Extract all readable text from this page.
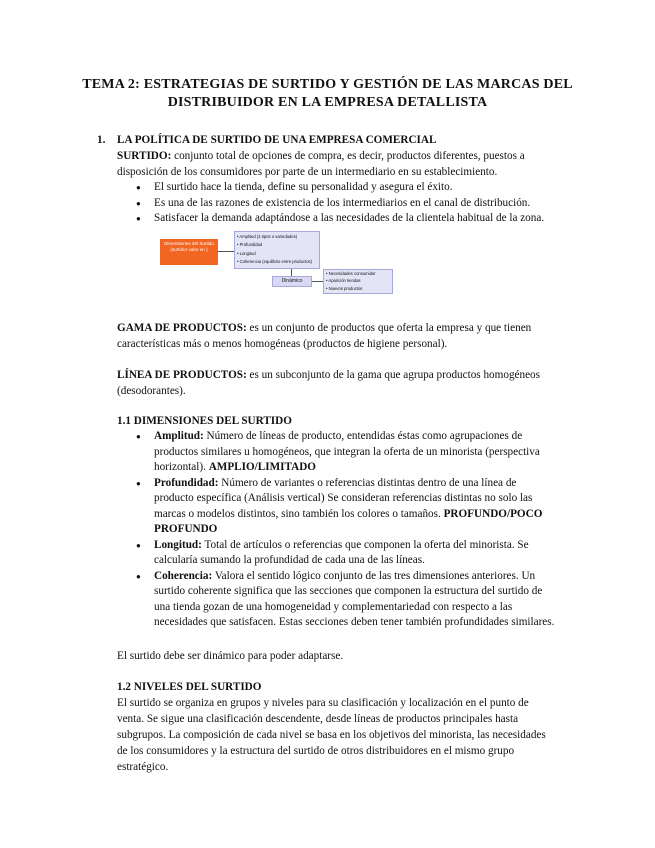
TEMA 2: ESTRATEGIAS DE SURTIDO Y GESTIÓN DE LAS MARCAS DEL
DISTRIBUIDOR EN LA EMPRESA DETALLISTA
1. LA POLÍTICA DE SURTIDO DE UNA EMPRESA COMERCIAL
SURTIDO: conjunto total de opciones de compra, es decir, productos diferentes, puestos a
disposición de los consumidores por parte de un intermediario en su establecimiento.
● El surtido hace la tienda, define su personalidad y asegura el éxito.
● Es una de las razones de existencia de los intermediarios en el canal de distribución.
● Satisfacer la demanda adaptándose a las necesidades de la clientela habitual de la zona.
Dimensiones del Surtido (surtidor valor en )
• Amplitud (4 tipos o variedades)
• Profundidad
• Longitud
• Coherencia (equilibrio entre productos)
Dinámico
• Necesidades consumidor
• Aparición tiendas
• Nuevos productos
GAMA DE PRODUCTOS: es un conjunto de productos que oferta la empresa y que tienen
características más o menos homogéneas (productos de higiene personal).
LÍNEA DE PRODUCTOS: es un subconjunto de la gama que agrupa productos homogéneos
(desodorantes).
1.1 DIMENSIONES DEL SURTIDO
● Amplitud: Número de líneas de producto, entendidas éstas como agrupaciones de
productos similares u homogéneos, que integran la oferta de un minorista (perspectiva
horizontal). AMPLIO/LIMITADO
● Profundidad: Número de variantes o referencias distintas dentro de una línea de
producto específica (Análisis vertical) Se consideran referencias distintas no solo las
marcas o modelos distintos, sino también los colores o tamaños. PROFUNDO/POCO
PROFUNDO
● Longitud: Total de artículos o referencias que componen la oferta del minorista. Se
calcularía sumando la profundidad de cada una de las líneas.
● Coherencia: Valora el sentido lógico conjunto de las tres dimensiones anteriores. Un
surtido coherente significa que las secciones que componen la estructura del surtido de
una tienda gozan de una homogeneidad y complementariedad con respecto a las
necesidades que satisfacen. Estas secciones deben tener también profundidades similares.
El surtido debe ser dinámico para poder adaptarse.
1.2 NIVELES DEL SURTIDO
El surtido se organiza en grupos y niveles para su clasificación y localización en el punto de
venta. Se sigue una clasificación descendente, desde líneas de productos principales hasta
subgrupos. La composición de cada nivel se basa en los objetivos del minorista, las necesidades
de los consumidores y la estructura del surtido de otros distribuidores en el mismo grupo
estratégico.
